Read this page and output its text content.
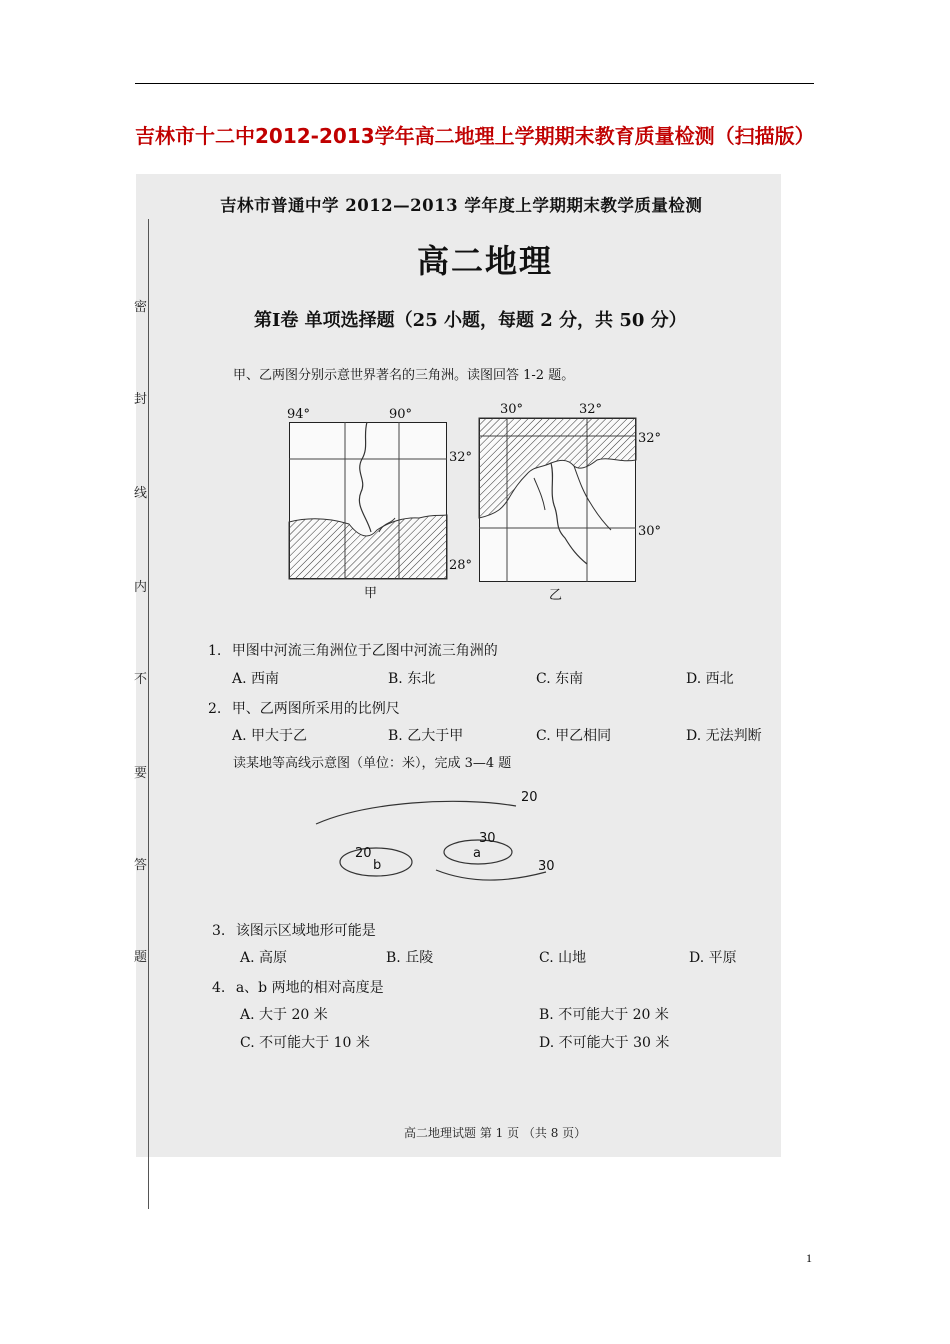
吉林市十二中2012-2013学年高二地理上学期期末教育质量检测（扫描版）
密
封
线
内
不
要
答
题
吉林市普通中学 2012—2013 学年度上学期期末教学质量检测
高二地理
第Ⅰ卷 单项选择题（25 小题，每题 2 分，共 50 分）
甲、乙两图分别示意世界著名的三角洲。读图回答 1-2 题。
94°	90°
32°
28°
甲
30°	32°
32°
30°
乙
1. 甲图中河流三角洲位于乙图中河流三角洲的
A. 西南	B. 东北	C. 东南	D. 西北
2. 甲、乙两图所采用的比例尺
A. 甲大于乙	B. 乙大于甲	C. 甲乙相同	D. 无法判断
读某地等高线示意图（单位：米），完成 3—4 题
20
30
20
30
a
b
3. 该图示区域地形可能是
A. 高原	B. 丘陵	C. 山地	D. 平原
4. a、b 两地的相对高度是
A. 大于 20 米	B. 不可能大于 20 米
C. 不可能大于 10 米	D. 不可能大于 30 米
高二地理试题 第 1 页 （共 8 页）
1
